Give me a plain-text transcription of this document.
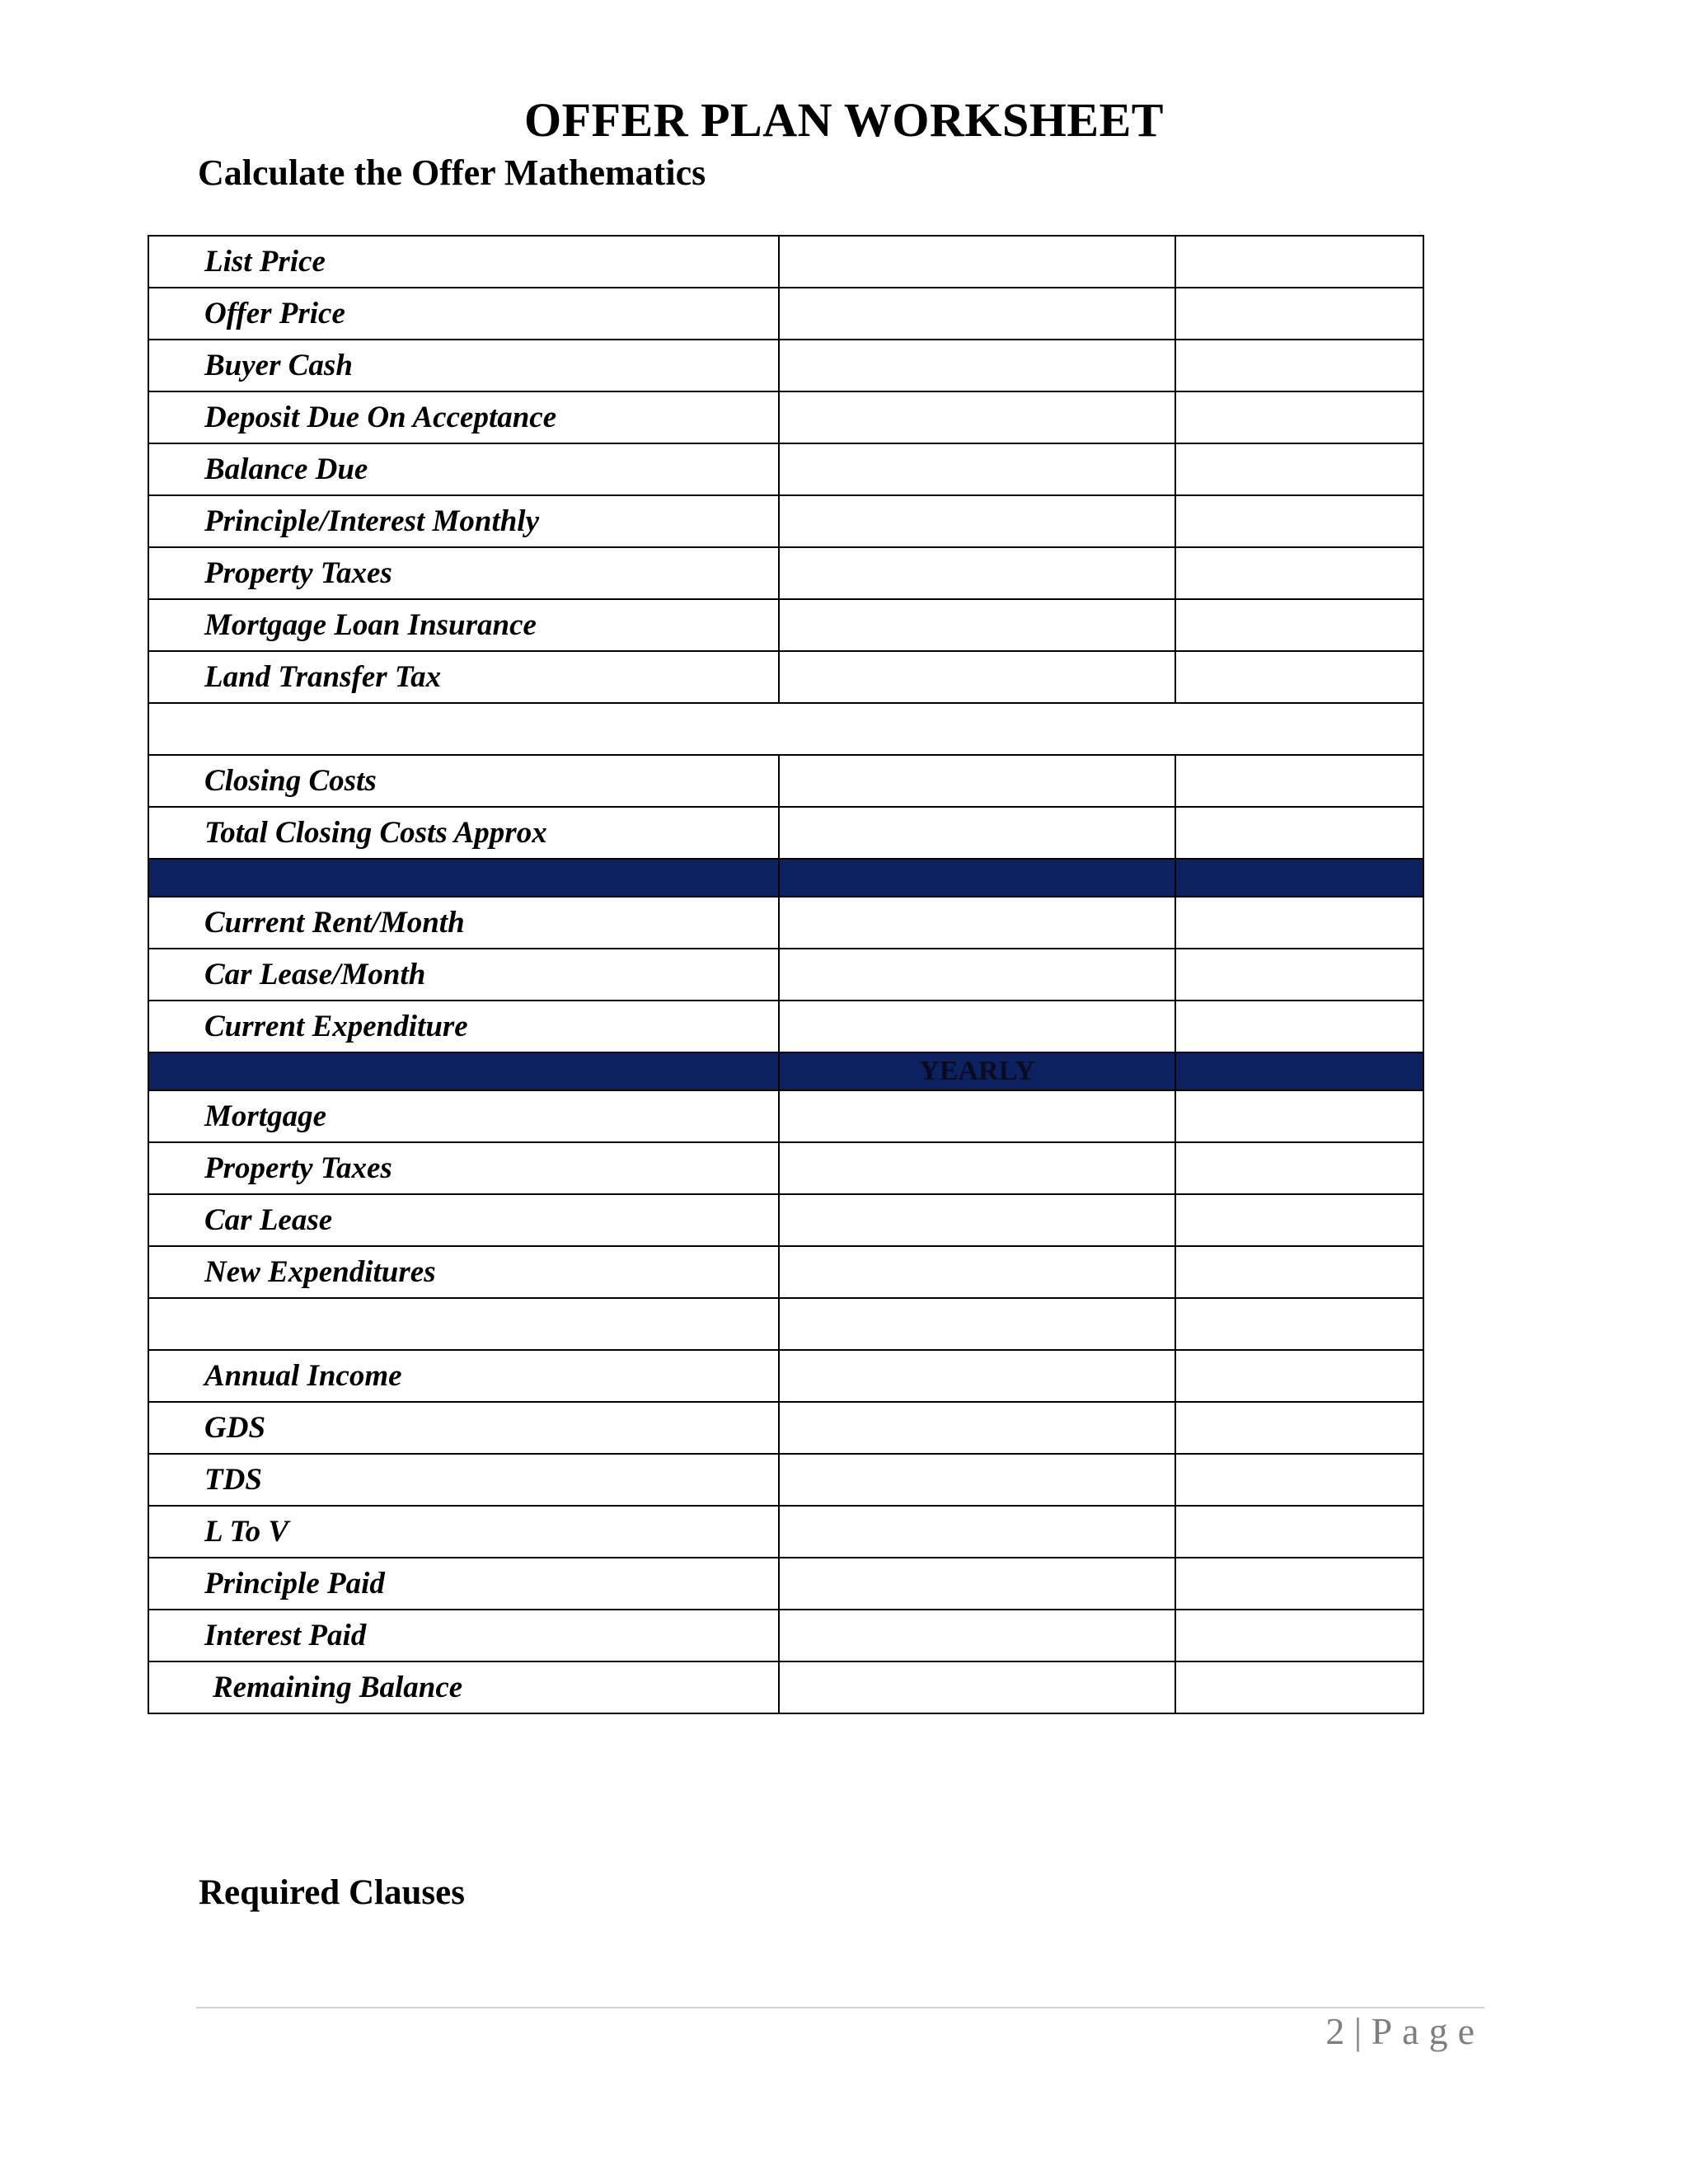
OFFER PLAN WORKSHEET
Calculate the Offer Mathematics
List Price		
Offer Price		
Buyer Cash		
Deposit Due On Acceptance		
Balance Due		
Principle/Interest Monthly		
Property Taxes		
Mortgage Loan Insurance		
Land Transfer Tax		

Closing Costs		
Total Closing Costs Approx		

Current Rent/Month		
Car Lease/Month		
Current Expenditure		
	YEARLY	
Mortgage		
Property Taxes		
Car Lease		
New Expenditures		

Annual Income		
GDS		
TDS		
L To V		
Principle Paid		
Interest Paid		
Remaining Balance		
Required Clauses
2 | Page
